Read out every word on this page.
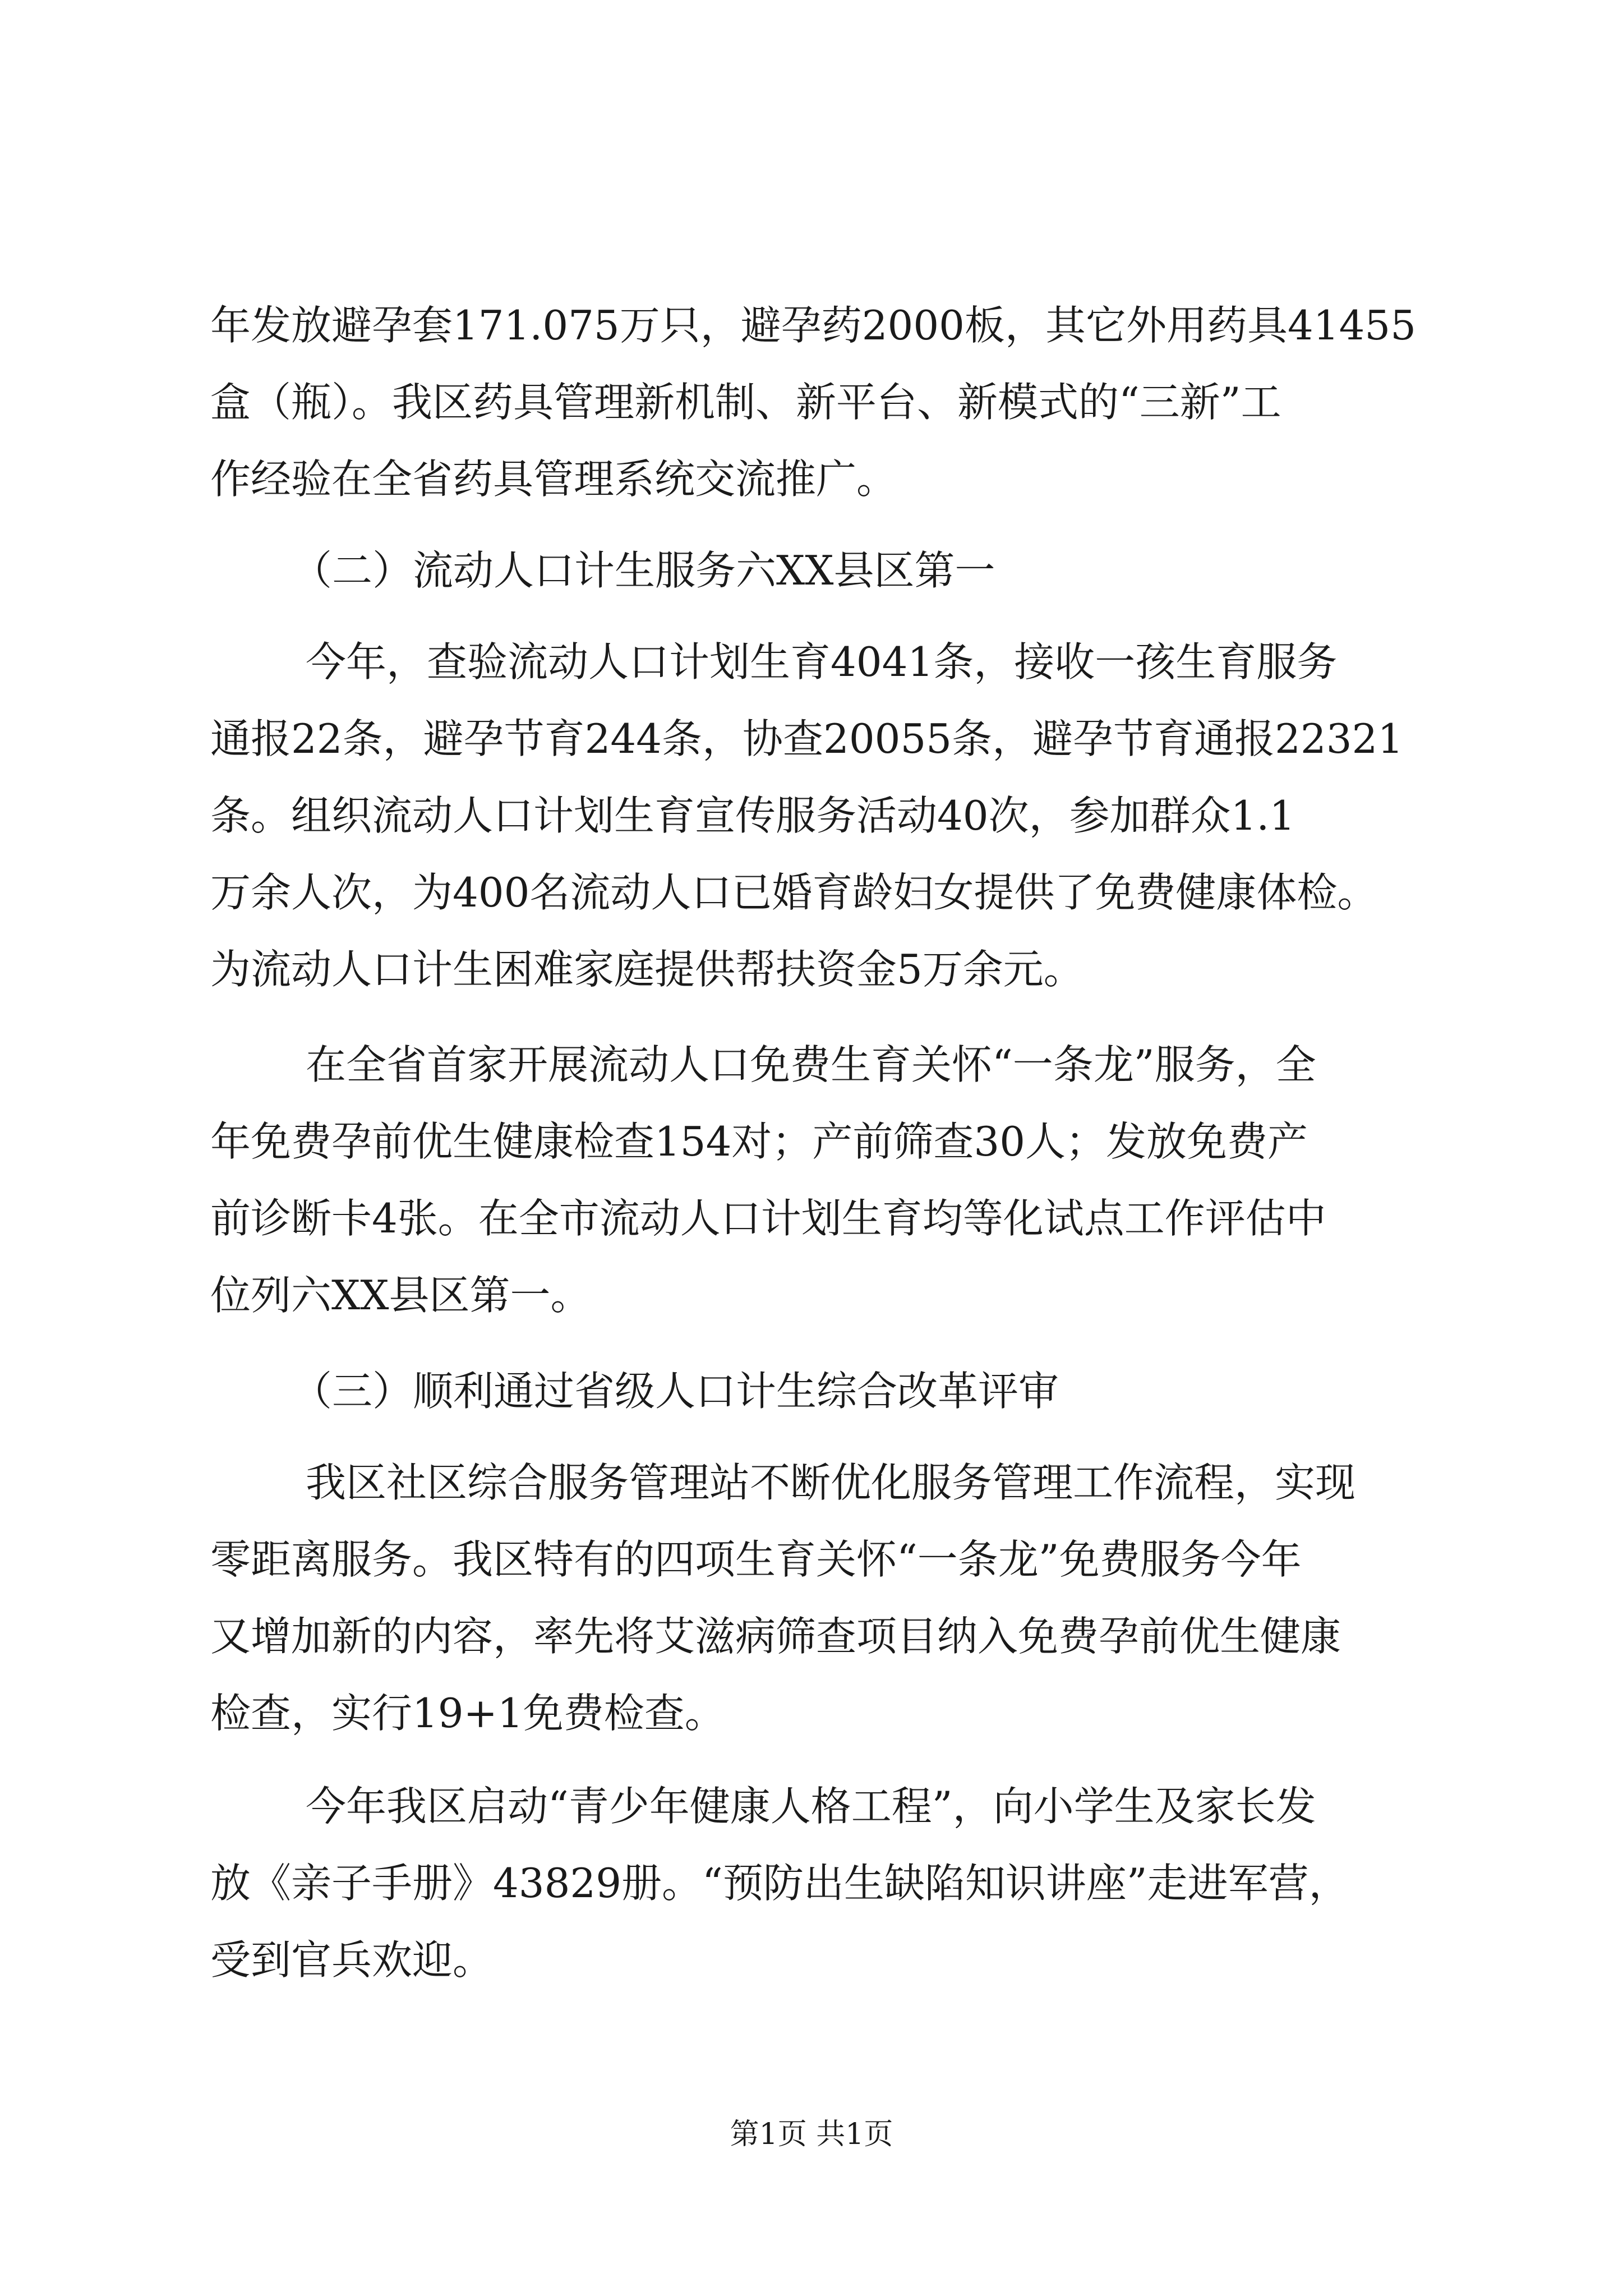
年发放避孕套171.075万只，避孕药2000板，其它外用药具41455
盒（瓶）。我区药具管理新机制、新平台、新模式的“三新”工
作经验在全省药具管理系统交流推广。
（二）流动人口计生服务六XX县区第一
今年，查验流动人口计划生育4041条，接收一孩生育服务
通报22条，避孕节育244条，协查20055条，避孕节育通报22321
条。组织流动人口计划生育宣传服务活动40次，参加群众1.1
万余人次，为400名流动人口已婚育龄妇女提供了免费健康体检。
为流动人口计生困难家庭提供帮扶资金5万余元。
在全省首家开展流动人口免费生育关怀“一条龙”服务，全
年免费孕前优生健康检查154对；产前筛查30人；发放免费产
前诊断卡4张。在全市流动人口计划生育均等化试点工作评估中
位列六XX县区第一。
（三）顺利通过省级人口计生综合改革评审
我区社区综合服务管理站不断优化服务管理工作流程，实现
零距离服务。我区特有的四项生育关怀“一条龙”免费服务今年
又增加新的内容，率先将艾滋病筛查项目纳入免费孕前优生健康
检查，实行19+1免费检查。
今年我区启动“青少年健康人格工程”，向小学生及家长发
放《亲子手册》43829册。“预防出生缺陷知识讲座”走进军营，
受到官兵欢迎。
第1页 共1页
